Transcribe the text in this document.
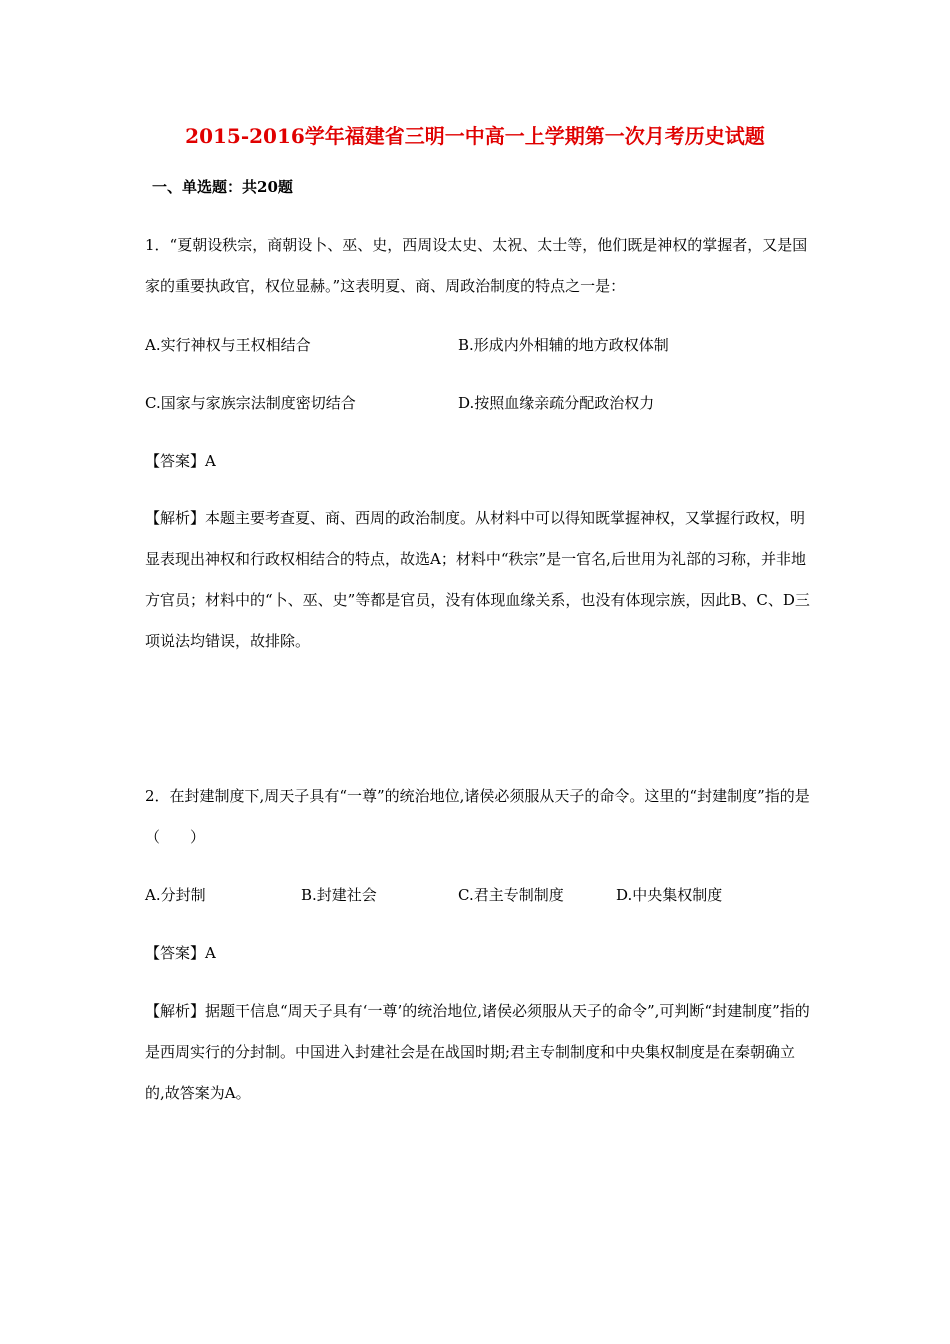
2015-2016学年福建省三明一中高一上学期第一次月考历史试题
一、单选题：共20题

1．“夏朝设秩宗，商朝设卜、巫、史，西周设太史、太祝、太士等，他们既是神权的掌握者，又是国家的重要执政官，权位显赫。”这表明夏、商、周政治制度的特点之一是：

A.实行神权与王权相结合	B.形成内外相辅的地方政权体制
C.国家与家族宗法制度密切结合	D.按照血缘亲疏分配政治权力
【答案】A

【解析】本题主要考查夏、商、西周的政治制度。从材料中可以得知既掌握神权，又掌握行政权，明显表现出神权和行政权相结合的特点，故选A；材料中“秩宗”是一官名,后世用为礼部的习称，并非地方官员；材料中的“卜、巫、史”等都是官员，没有体现血缘关系，也没有体现宗族，因此B、C、D三项说法均错误，故排除。

2．在封建制度下,周天子具有“一尊”的统治地位,诸侯必须服从天子的命令。这里的“封建制度”指的是（　　）

A.分封制	B.封建社会	C.君主专制制度	D.中央集权制度
【答案】A

【解析】据题干信息“周天子具有‘一尊’的统治地位,诸侯必须服从天子的命令”,可判断“封建制度”指的是西周实行的分封制。中国进入封建社会是在战国时期;君主专制制度和中央集权制度是在秦朝确立的,故答案为A。
